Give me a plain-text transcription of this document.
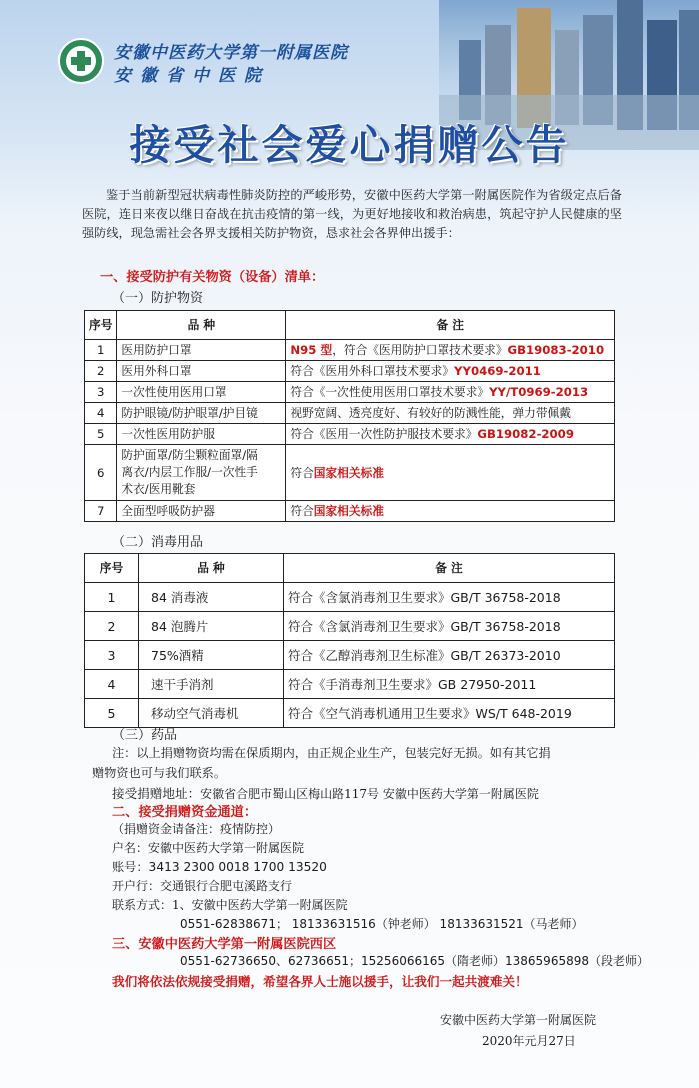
安徽中医药大学第一附属医院
安徽省中医院
接受社会爱心捐赠公告
鉴于当前新型冠状病毒性肺炎防控的严峻形势，安徽中医药大学第一附属医院作为省级定点后备医院，连日来夜以继日奋战在抗击疫情的第一线，为更好地接收和救治病患，筑起守护人民健康的坚强防线，现急需社会各界支援相关防护物资，恳求社会各界伸出援手：
一、接受防护有关物资（设备）清单：
（一）防护物资
序号	品 种	备 注
1	医用防护口罩	N95 型，符合《医用防护口罩技术要求》GB19083-2010
2	医用外科口罩	符合《医用外科口罩技术要求》YY0469-2011
3	一次性使用医用口罩	符合《一次性使用医用口罩技术要求》YY/T0969-2013
4	防护眼镜/防护眼罩/护目镜	视野宽阔、透亮度好、有较好的防溅性能，弹力带佩戴
5	一次性医用防护服	符合《医用一次性防护服技术要求》GB19082-2009
6	防护面罩/防尘颗粒面罩/隔
离衣/内层工作服/一次性手
术衣/医用靴套	符合国家相关标准
7	全面型呼吸防护器	符合国家相关标准
（二）消毒用品
序号	品 种	备 注
1	84 消毒液	符合《含氯消毒剂卫生要求》GB/T 36758-2018
2	84 泡腾片	符合《含氯消毒剂卫生要求》GB/T 36758-2018
3	75%酒精	符合《乙醇消毒剂卫生标准》GB/T 26373-2010
4	速干手消剂	符合《手消毒剂卫生要求》GB 27950-2011
5	移动空气消毒机	符合《空气消毒机通用卫生要求》WS/T 648-2019
（三）药品
注：以上捐赠物资均需在保质期内，由正规企业生产，包装完好无损。如有其它捐
赠物资也可与我们联系。
接受捐赠地址：安徽省合肥市蜀山区梅山路117号 安徽中医药大学第一附属医院
二、接受捐赠资金通道：
（捐赠资金请备注：疫情防控）
户名：安徽中医药大学第一附属医院
账号：3413 2300 0018 1700 13520
开户行：交通银行合肥屯溪路支行
联系方式：1、安徽中医药大学第一附属医院
0551-62838671； 18133631516（钟老师） 18133631521（马老师）
三、安徽中医药大学第一附属医院西区
0551-62736650、62736651；15256066165（隋老师）13865965898（段老师）
我们将依法依规接受捐赠，希望各界人士施以援手，让我们一起共渡难关！
安徽中医药大学第一附属医院
2020年元月27日
